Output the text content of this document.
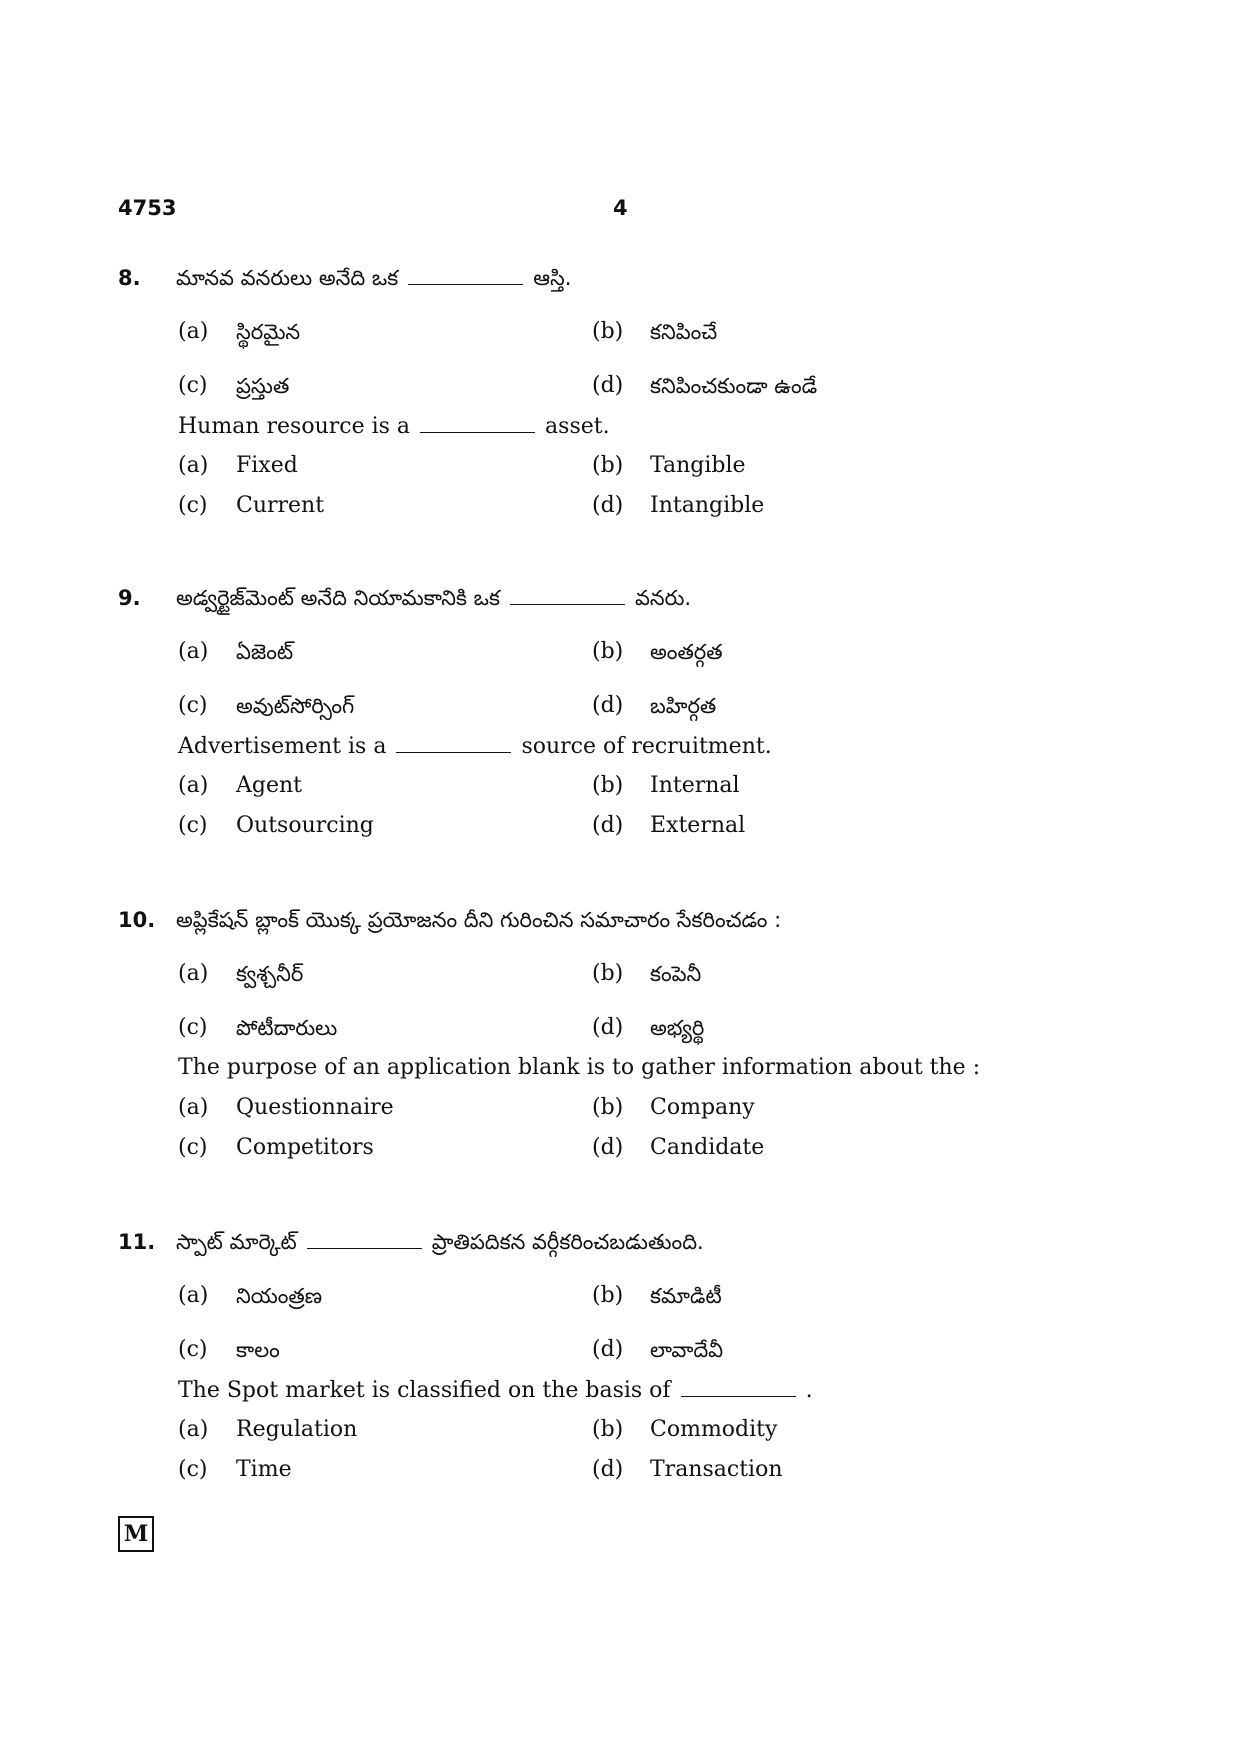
4753	4
8. మానవ వనరులు అనేది ఒక	ఆస్తి.
(a) స్థిరమైన	(b) కనిపించే
(c) ప్రస్తుత	(d) కనిపించకుండా ఉండే
Human resource is a	asset.
(a) Fixed	(b) Tangible
(c) Current	(d) Intangible
9. అడ్వర్టైజ్‌మెంట్ అనేది నియామకానికి ఒక	వనరు.
(a) ఏజెంట్	(b) అంతర్గత
(c) అవుట్‌సోర్సింగ్	(d) బహిర్గత
Advertisement is a	source of recruitment.
(a) Agent	(b) Internal
(c) Outsourcing	(d) External
10. అప్లికేషన్ బ్లాంక్ యొక్క ప్రయోజనం దీని గురించిన సమాచారం సేకరించడం :
(a) క్వశ్చనీర్	(b) కంపెనీ
(c) పోటీదారులు	(d) అభ్యర్థి
The purpose of an application blank is to gather information about the :
(a) Questionnaire	(b) Company
(c) Competitors	(d) Candidate
11. స్పాట్ మార్కెట్	ప్రాతిపదికన వర్గీకరించబడుతుంది.
(a) నియంత్రణ	(b) కమాడిటీ
(c) కాలం	(d) లావాదేవీ
The Spot market is classified on the basis of	.
(a) Regulation	(b) Commodity
(c) Time	(d) Transaction
M
